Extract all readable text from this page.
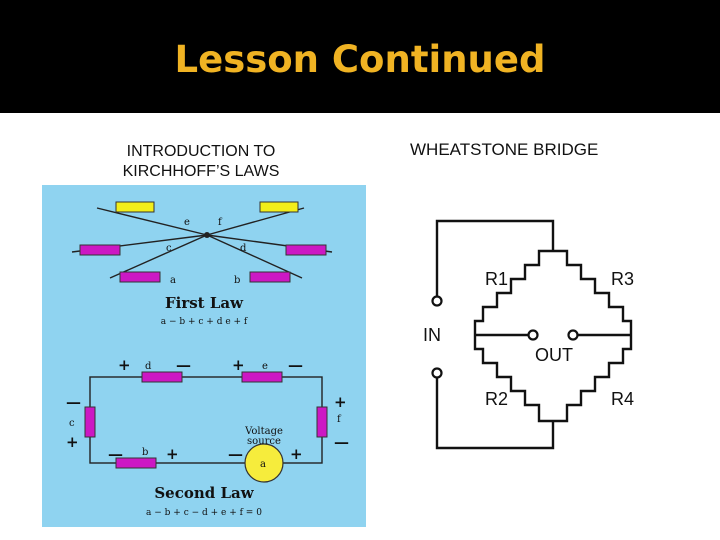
Lesson Continued
INTRODUCTION TO
KIRCHHOFF’S LAWS
WHEATSTONE BRIDGE
e	f
c	d
a	b
First Law
a − b + c + d e + f
d	e
c	f
b
a
Voltage
source
+	—	+	—
—
+
+
—
—	+	—	+
Second Law
a − b + c − d + e + f = 0
R1	R3
R2	R4
IN
OUT
